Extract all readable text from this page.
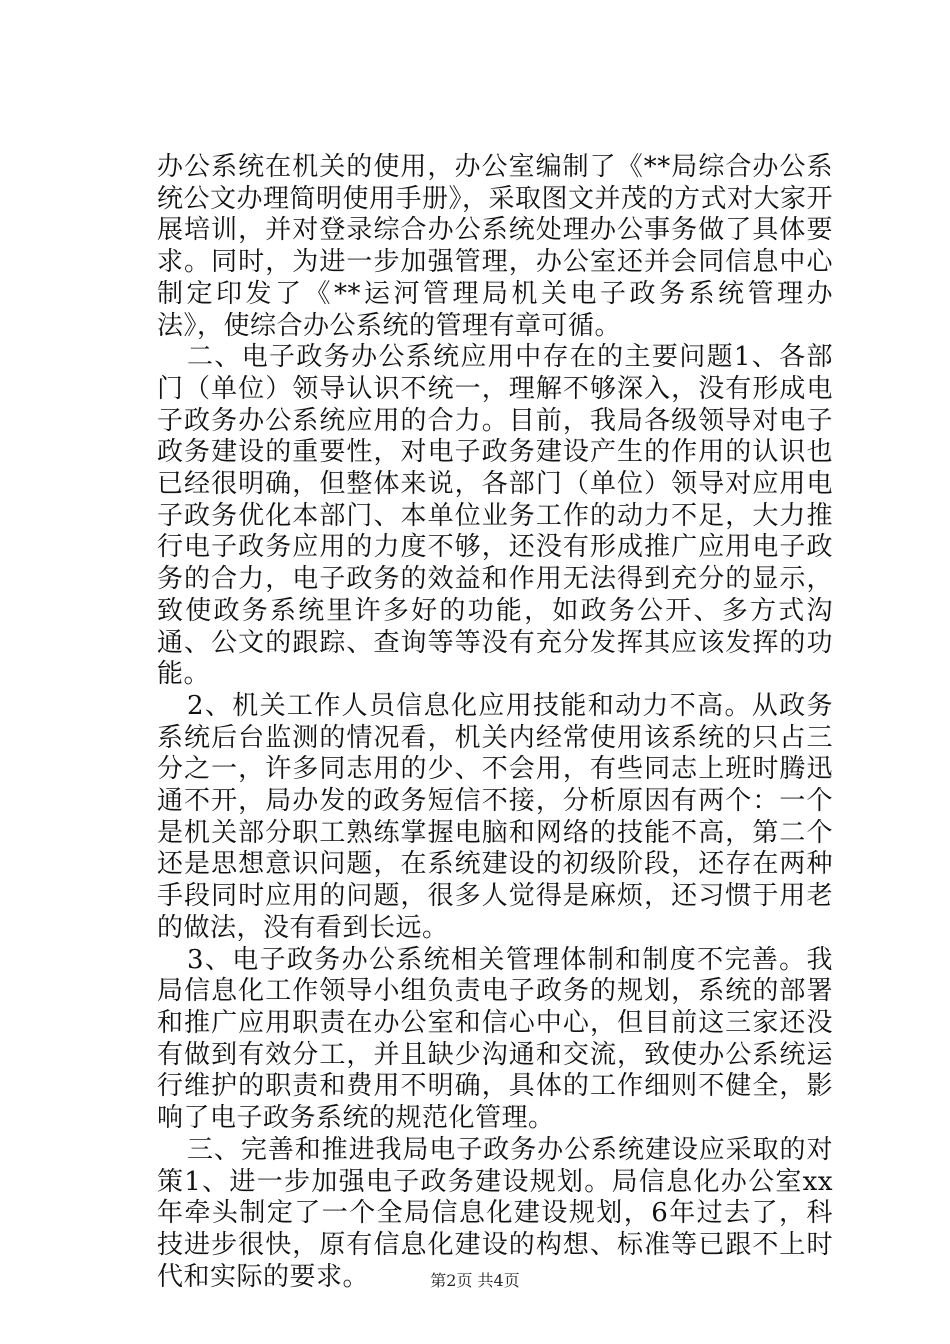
办公系统在机关的使用，办公室编制了《**局综合办公系统公文办理简明使用手册》，采取图文并茂的方式对大家开展培训，并对登录综合办公系统处理办公事务做了具体要求。同时，为进一步加强管理，办公室还并会同信息中心制定印发了《**运河管理局机关电子政务系统管理办法》，使综合办公系统的管理有章可循。

二、电子政务办公系统应用中存在的主要问题1、各部门（单位）领导认识不统一，理解不够深入，没有形成电子政务办公系统应用的合力。目前，我局各级领导对电子政务建设的重要性，对电子政务建设产生的作用的认识也已经很明确，但整体来说，各部门（单位）领导对应用电子政务优化本部门、本单位业务工作的动力不足，大力推行电子政务应用的力度不够，还没有形成推广应用电子政务的合力，电子政务的效益和作用无法得到充分的显示，致使政务系统里许多好的功能，如政务公开、多方式沟通、公文的跟踪、查询等等没有充分发挥其应该发挥的功能。

2、机关工作人员信息化应用技能和动力不高。从政务系统后台监测的情况看，机关内经常使用该系统的只占三分之一，许多同志用的少、不会用，有些同志上班时腾迅通不开，局办发的政务短信不接，分析原因有两个：一个是机关部分职工熟练掌握电脑和网络的技能不高，第二个还是思想意识问题，在系统建设的初级阶段，还存在两种手段同时应用的问题，很多人觉得是麻烦，还习惯于用老的做法，没有看到长远。

3、电子政务办公系统相关管理体制和制度不完善。我局信息化工作领导小组负责电子政务的规划，系统的部署和推广应用职责在办公室和信心中心，但目前这三家还没有做到有效分工，并且缺少沟通和交流，致使办公系统运行维护的职责和费用不明确，具体的工作细则不健全，影响了电子政务系统的规范化管理。

三、完善和推进我局电子政务办公系统建设应采取的对策1、进一步加强电子政务建设规划。局信息化办公室xx年牵头制定了一个全局信息化建设规划，6年过去了，科技进步很快，原有信息化建设的构想、标准等已跟不上时代和实际的要求。	第2页 共4页
